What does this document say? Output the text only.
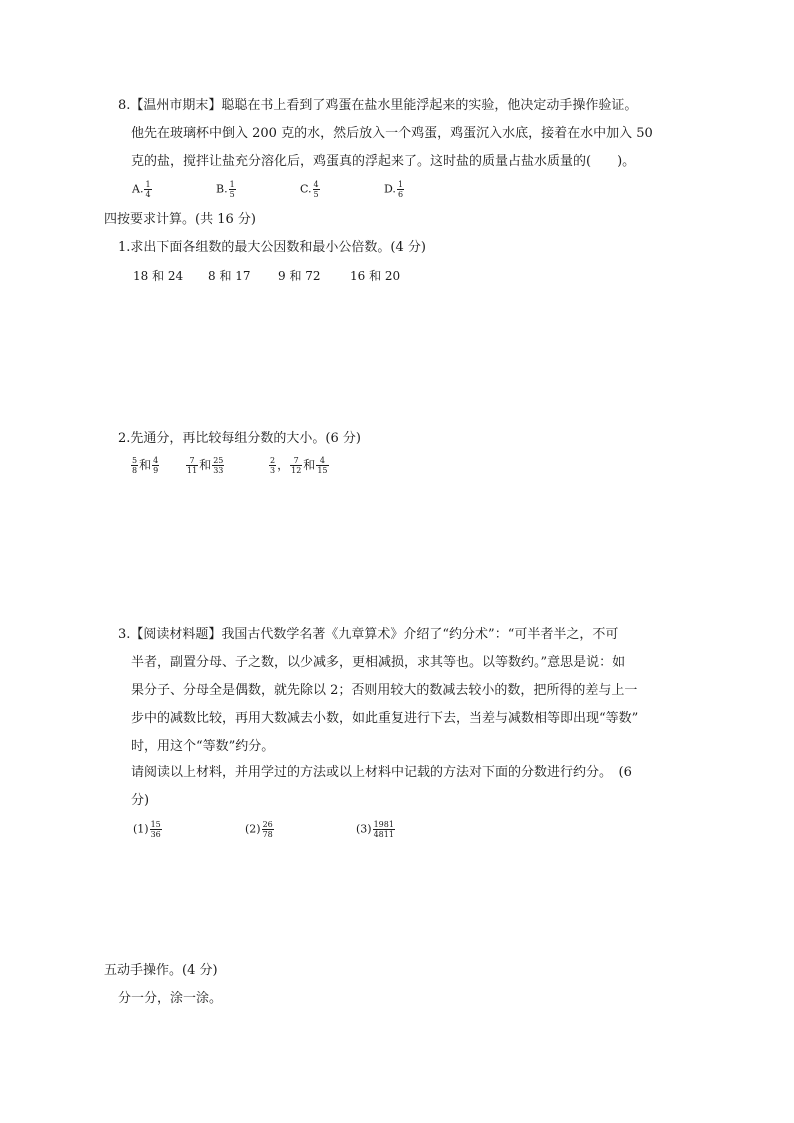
8.【温州市期末】聪聪在书上看到了鸡蛋在盐水里能浮起来的实验，他决定动手操作验证。
他先在玻璃杯中倒入 200 克的水，然后放入一个鸡蛋，鸡蛋沉入水底，接着在水中加入 50
克的盐，搅拌让盐充分溶化后，鸡蛋真的浮起来了。这时盐的质量占盐水质量的(　　)。
A. $\frac{1}{4}$	B. $\frac{1}{5}$	C. $\frac{4}{5}$	D. $\frac{1}{6}$
四按要求计算。(共 16 分)
1.求出下面各组数的最大公因数和最小公倍数。(4 分)
18 和 24 8 和 17 9 和 72 16 和 20
2.先通分，再比较每组分数的大小。(6 分)
$\frac{5}{8}$ 和 $\frac{4}{9}$	$\frac{7}{11}$ 和 $\frac{25}{33}$	$\frac{2}{3}$ ， $\frac{7}{12}$ 和 $\frac{4}{15}$
3.【阅读材料题】我国古代数学名著《九章算术》介绍了“约分术”：“可半者半之，不可
半者，副置分母、子之数，以少减多，更相减损，求其等也。以等数约。”意思是说：如
果分子、分母全是偶数，就先除以 2；否则用较大的数减去较小的数，把所得的差与上一
步中的减数比较，再用大数减去小数，如此重复进行下去，当差与减数相等即出现“等数”
时，用这个“等数”约分。
请阅读以上材料，并用学过的方法或以上材料中记载的方法对下面的分数进行约分。　(6
分)
$(1) \frac{15}{36}$	$(2) \frac{26}{78}$	$(3) \frac{1981}{4811}$
五动手操作。(4 分)
分一分，涂一涂。
